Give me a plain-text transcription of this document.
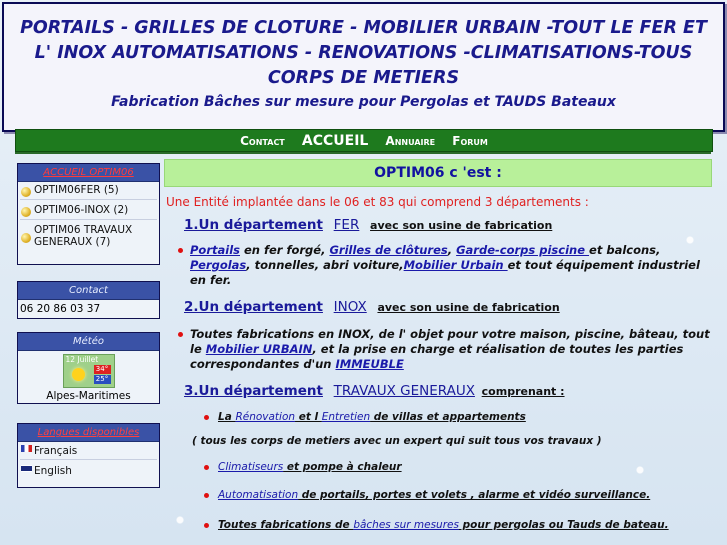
PORTAILS - GRILLES DE CLOTURE - MOBILIER URBAIN -TOUT LE FER ET L' INOX AUTOMATISATIONS - RENOVATIONS -CLIMATISATIONS-TOUS CORPS DE METIERS
Fabrication Bâches sur mesure pour Pergolas et TAUDS Bateaux
Contact ACCUEIL Annuaire Forum
ACCUEIL OPTIM06
OPTIM06FER (5)
OPTIM06-INOX (2)
OPTIM06 TRAVAUX GENERAUX (7)
Contact
06 20 86 03 37
Météo
12 Juillet
34°
25°
Alpes-Maritimes
Langues disponibles
Français
English
OPTIM06 c 'est :
Une Entité implantée dans le 06 et 83 qui comprend 3 départements :
1.Un département FER avec son usine de fabrication
Portails en fer forgé, Grilles de clôtures, Garde-corps piscine et balcons, Pergolas, tonnelles, abri voiture,Mobilier Urbain et tout équipement industriel en fer.
2.Un département INOX avec son usine de fabrication
Toutes fabrications en INOX, de l' objet pour votre maison, piscine, bâteau, tout le Mobilier URBAIN, et la prise en charge et réalisation de toutes les parties correspondantes d'un IMMEUBLE
3.Un département TRAVAUX GENERAUX comprenant :
La Rénovation et l Entretien de villas et appartements
( tous les corps de metiers avec un expert qui suit tous vos travaux )
Climatiseurs et pompe à chaleur
Automatisation de portails, portes et volets , alarme et vidéo surveillance.
Toutes fabrications de bâches sur mesures pour pergolas ou Tauds de bateau.
